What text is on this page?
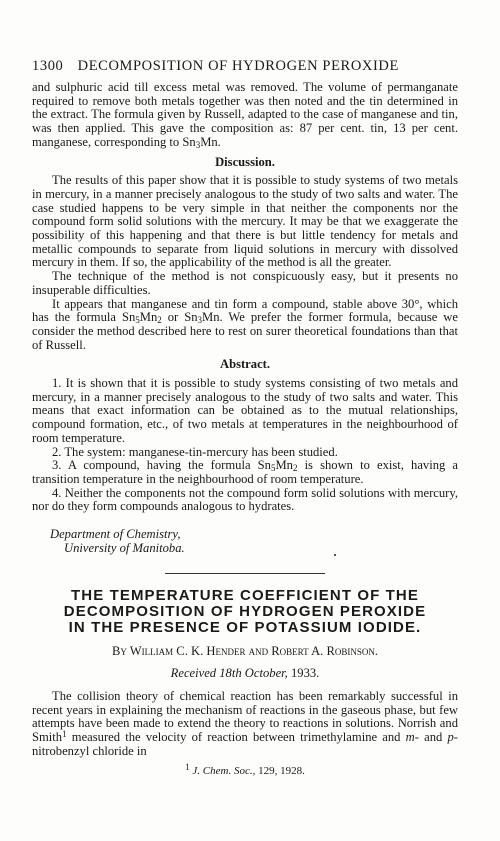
1300 DECOMPOSITION OF HYDROGEN PEROXIDE

and sulphuric acid till excess metal was removed. The volume of permanganate required to remove both metals together was then noted and the tin determined in the extract. The formula given by Russell, adapted to the case of manganese and tin, was then applied. This gave the composition as: 87 per cent. tin, 13 per cent. manganese, corresponding to $Sn_3Mn$.

Discussion.

The results of this paper show that it is possible to study systems of two metals in mercury, in a manner precisely analogous to the study of two salts and water. The case studied happens to be very simple in that neither the components nor the compound form solid solutions with the mercury. It may be that we exaggerate the possibility of this happening and that there is but little tendency for metals and metallic compounds to separate from liquid solutions in mercury with dissolved mercury in them. If so, the applicability of the method is all the greater.

The technique of the method is not conspicuously easy, but it presents no insuperable difficulties.

It appears that manganese and tin form a compound, stable above 30°, which has the formula $Sn_5Mn_2$ or $Sn_3Mn$. We prefer the former formula, because we consider the method described here to rest on surer theoretical foundations than that of Russell.

Abstract.

1. It is shown that it is possible to study systems consisting of two metals and mercury, in a manner precisely analogous to the study of two salts and water. This means that exact information can be obtained as to the mutual relationships, compound formation, etc., of two metals at temperatures in the neighbourhood of room temperature.

2. The system: manganese-tin-mercury has been studied.

3. A compound, having the formula $Sn_5Mn_2$ is shown to exist, having a transition temperature in the neighbourhood of room temperature.

4. Neither the components not the compound form solid solutions with mercury, nor do they form compounds analogous to hydrates.

Department of Chemistry,
University of Manitoba.
•
THE TEMPERATURE COEFFICIENT OF THE
DECOMPOSITION OF HYDROGEN PEROXIDE
IN THE PRESENCE OF POTASSIUM IODIDE.
By William C. K. Hender and Robert A. Robinson.
Received 18th October, 1933.

The collision theory of chemical reaction has been remarkably successful in recent years in explaining the mechanism of reactions in the gaseous phase, but few attempts have been made to extend the theory to reactions in solutions. Norrish and Smith$^1$ measured the velocity of reaction between trimethylamine and m- and p-nitrobenzyl chloride in

$^1$ J. Chem. Soc., 129, 1928.
